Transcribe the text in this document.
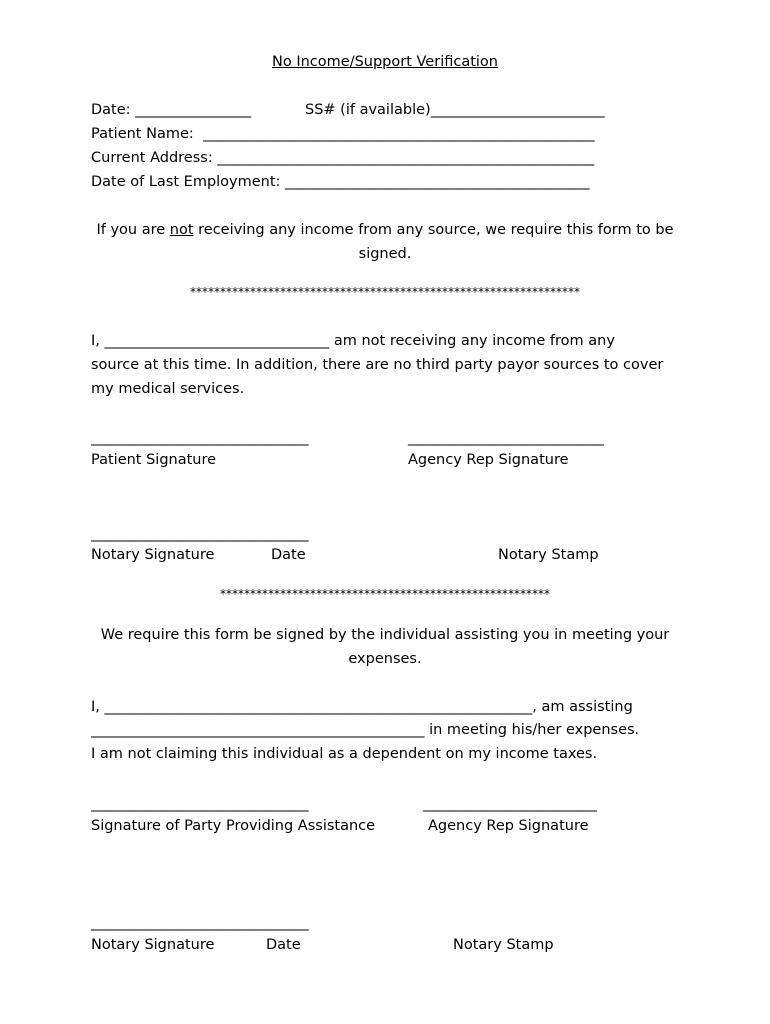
No Income/Support Verification
Date: ________________	SS# (if available)________________________
Patient Name:  ______________________________________________________
Current Address: ____________________________________________________
Date of Last Employment: __________________________________________
If you are not receiving any income from any source, we require this form to be
signed.
*****************************************************************
I, _______________________________ am not receiving any income from any
source at this time. In addition, there are no third party payor sources to cover
my medical services.
______________________________	___________________________
Patient Signature	Agency Rep Signature
______________________________
Notary Signature	Date	Notary Stamp
*******************************************************
We require this form be signed by the individual assisting you in meeting your
expenses.
I, ___________________________________________________________, am assisting
______________________________________________ in meeting his/her expenses.
I am not claiming this individual as a dependent on my income taxes.
______________________________	________________________
Signature of Party Providing Assistance	Agency Rep Signature
______________________________
Notary Signature	Date	Notary Stamp
